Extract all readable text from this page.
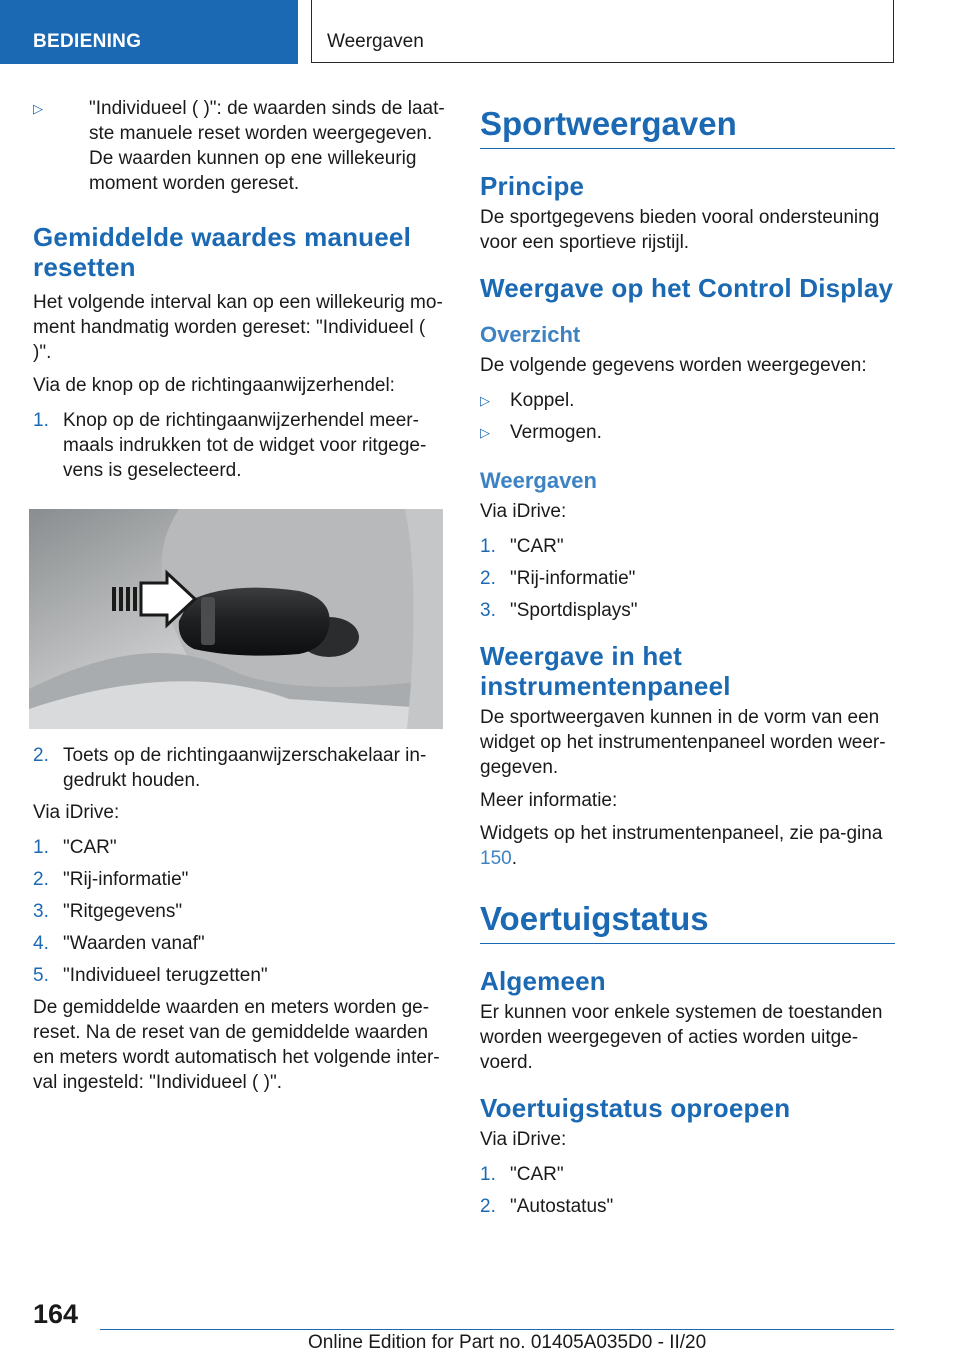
BEDIENING	Weergaven
▷	"Individueel ( )": de waarden sinds de laat-ste manuele reset worden weergegeven. De waarden kunnen op ene willekeurig moment worden gereset.
Gemiddelde waardes manueel resetten

Het volgende interval kan op een willekeurig mo-ment handmatig worden gereset: "Individueel ( )".

Via de knop op de richtingaanwijzerhendel:

1. Knop op de richtingaanwijzerhendel meer-maals indrukken tot de widget voor ritgege-vens is geselecteerd.
2. Toets op de richtingaanwijzerschakelaar in-gedrukt houden.

Via iDrive:

1. "CAR"
2. "Rij-informatie"
3. "Ritgegevens"
4. "Waarden vanaf"
5. "Individueel terugzetten"

De gemiddelde waarden en meters worden ge-reset. Na de reset van de gemiddelde waarden en meters wordt automatisch het volgende inter-val ingesteld: "Individueel ( )".

Sportweergaven
Principe

De sportgegevens bieden vooral ondersteuning voor een sportieve rijstijl.

Weergave op het Control Display
Overzicht

De volgende gegevens worden weergegeven:

▷ Koppel.
▷ Vermogen.
Weergaven

Via iDrive:

1. "CAR"
2. "Rij-informatie"
3. "Sportdisplays"
Weergave in het instrumentenpaneel

De sportweergaven kunnen in de vorm van een widget op het instrumentenpaneel worden weer-gegeven.

Meer informatie:

Widgets op het instrumentenpaneel, zie pa-gina 150.

Voertuigstatus
Algemeen

Er kunnen voor enkele systemen de toestanden worden weergegeven of acties worden uitge-voerd.

Voertuigstatus oproepen

Via iDrive:

1. "CAR"
2. "Autostatus"
164
Online Edition for Part no. 01405A035D0 - II/20
